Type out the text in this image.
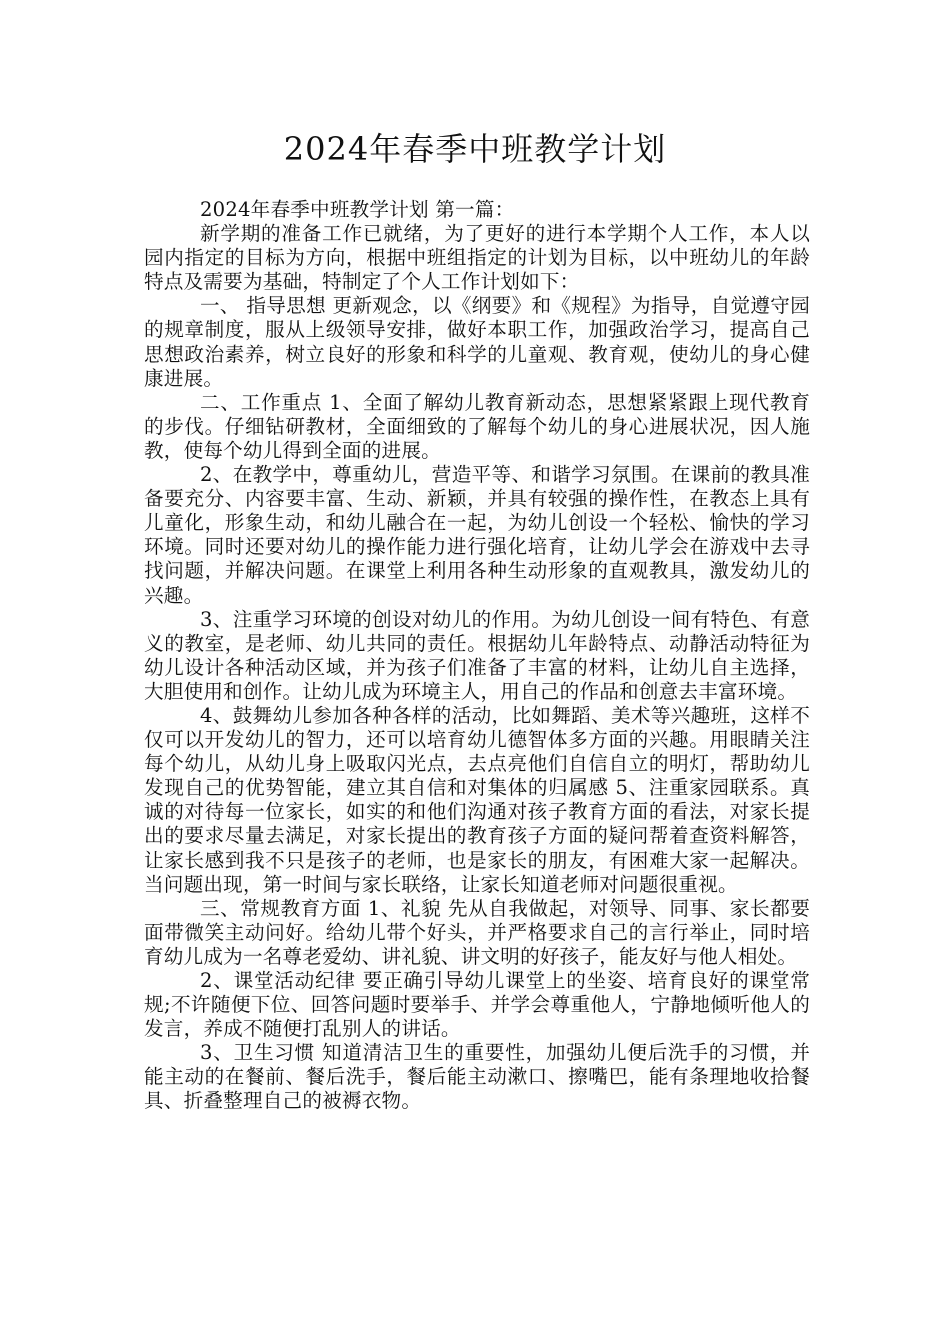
2024年春季中班教学计划

2024年春季中班教学计划 第一篇：

新学期的准备工作已就绪，为了更好的进行本学期个人工作，本人以园内指定的目标为方向，根据中班组指定的计划为目标，以中班幼儿的年龄特点及需要为基础，特制定了个人工作计划如下：

一、 指导思想 更新观念，以《纲要》和《规程》为指导，自觉遵守园的规章制度，服从上级领导安排，做好本职工作，加强政治学习，提高自己思想政治素养，树立良好的形象和科学的儿童观、教育观，使幼儿的身心健康进展。

二、工作重点 1、全面了解幼儿教育新动态，思想紧紧跟上现代教育的步伐。仔细钻研教材，全面细致的了解每个幼儿的身心进展状况，因人施教，使每个幼儿得到全面的进展。

2、在教学中，尊重幼儿，营造平等、和谐学习氛围。在课前的教具准备要充分、内容要丰富、生动、新颖，并具有较强的操作性，在教态上具有儿童化，形象生动，和幼儿融合在一起，为幼儿创设一个轻松、愉快的学习环境。同时还要对幼儿的操作能力进行强化培育，让幼儿学会在游戏中去寻找问题，并解决问题。在课堂上利用各种生动形象的直观教具，激发幼儿的兴趣。

3、注重学习环境的创设对幼儿的作用。为幼儿创设一间有特色、有意义的教室，是老师、幼儿共同的责任。根据幼儿年龄特点、动静活动特征为幼儿设计各种活动区域，并为孩子们准备了丰富的材料，让幼儿自主选择，大胆使用和创作。让幼儿成为环境主人，用自己的作品和创意去丰富环境。

4、鼓舞幼儿参加各种各样的活动，比如舞蹈、美术等兴趣班，这样不仅可以开发幼儿的智力，还可以培育幼儿德智体多方面的兴趣。用眼睛关注每个幼儿，从幼儿身上吸取闪光点，去点亮他们自信自立的明灯，帮助幼儿发现自己的优势智能，建立其自信和对集体的归属感 5、注重家园联系。真诚的对待每一位家长，如实的和他们沟通对孩子教育方面的看法，对家长提出的要求尽量去满足，对家长提出的教育孩子方面的疑问帮着查资料解答，让家长感到我不只是孩子的老师，也是家长的朋友，有困难大家一起解决。当问题出现，第一时间与家长联络，让家长知道老师对问题很重视。

三、常规教育方面 1、礼貌 先从自我做起，对领导、同事、家长都要面带微笑主动问好。给幼儿带个好头，并严格要求自己的言行举止，同时培育幼儿成为一名尊老爱幼、讲礼貌、讲文明的好孩子，能友好与他人相处。

2、课堂活动纪律 要正确引导幼儿课堂上的坐姿、培育良好的课堂常规;不许随便下位、回答问题时要举手、并学会尊重他人，宁静地倾听他人的发言，养成不随便打乱别人的讲话。

3、卫生习惯 知道清洁卫生的重要性，加强幼儿便后洗手的习惯，并能主动的在餐前、餐后洗手，餐后能主动漱口、擦嘴巴，能有条理地收拾餐具、折叠整理自己的被褥衣物。
